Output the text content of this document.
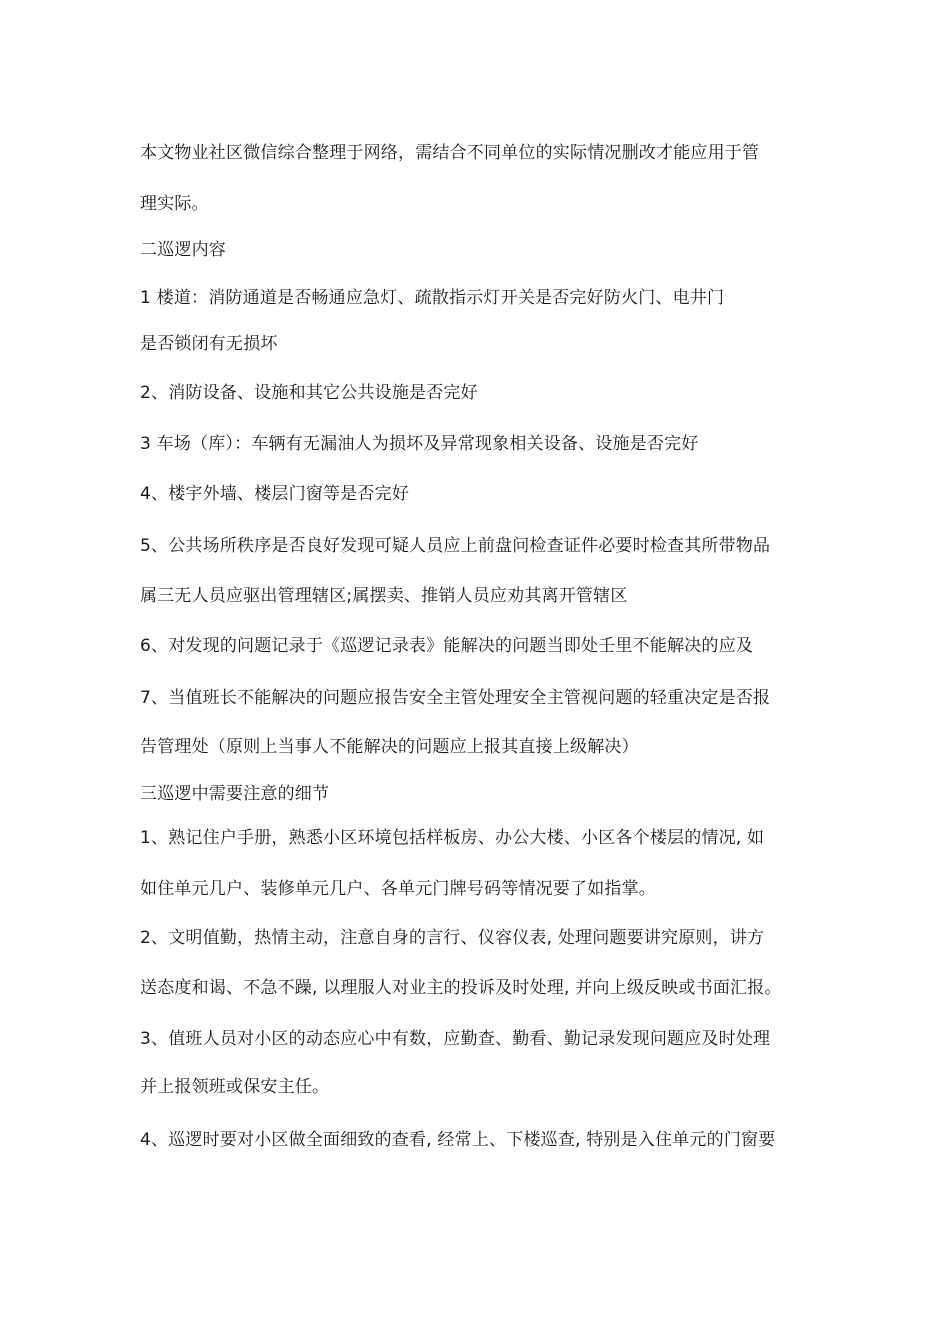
本文物业社区微信综合整理于网络，需结合不同单位的实际情况删改才能应用于管
理实际。
二巡逻内容
1 楼道：消防通道是否畅通应急灯、疏散指示灯开关是否完好防火门、电井门
是否锁闭有无损坏
2、消防设备、设施和其它公共设施是否完好
3 车场（库）：车辆有无漏油人为损坏及异常现象相关设备、设施是否完好
4、楼宇外墙、楼层门窗等是否完好
5、公共场所秩序是否良好发现可疑人员应上前盘问检查证件必要时检查其所带物品
属三无人员应驱出管理辖区;属摆卖、推销人员应劝其离开管辖区
6、对发现的问题记录于《巡逻记录表》能解决的问题当即处壬里不能解决的应及
7、当值班长不能解决的问题应报告安全主管处理安全主管视问题的轻重决定是否报
告管理处（原则上当事人不能解决的问题应上报其直接上级解决）
三巡逻中需要注意的细节
1、熟记住户手册，熟悉小区环境包括样板房、办公大楼、小区各个楼层的情况, 如
如住单元几户、装修单元几户、各单元门牌号码等情况要了如指掌。
2、文明值勤，热情主动，注意自身的言行、仪容仪表, 处理问题要讲究原则，讲方
送态度和谒、不急不躁, 以理服人对业主的投诉及时处理, 并向上级反映或书面汇报。
3、值班人员对小区的动态应心中有数，应勤查、勤看、勤记录发现问题应及时处理
并上报领班或保安主任。
4、巡逻时要对小区做全面细致的查看, 经常上、下楼巡查, 特别是入住单元的门窗要
